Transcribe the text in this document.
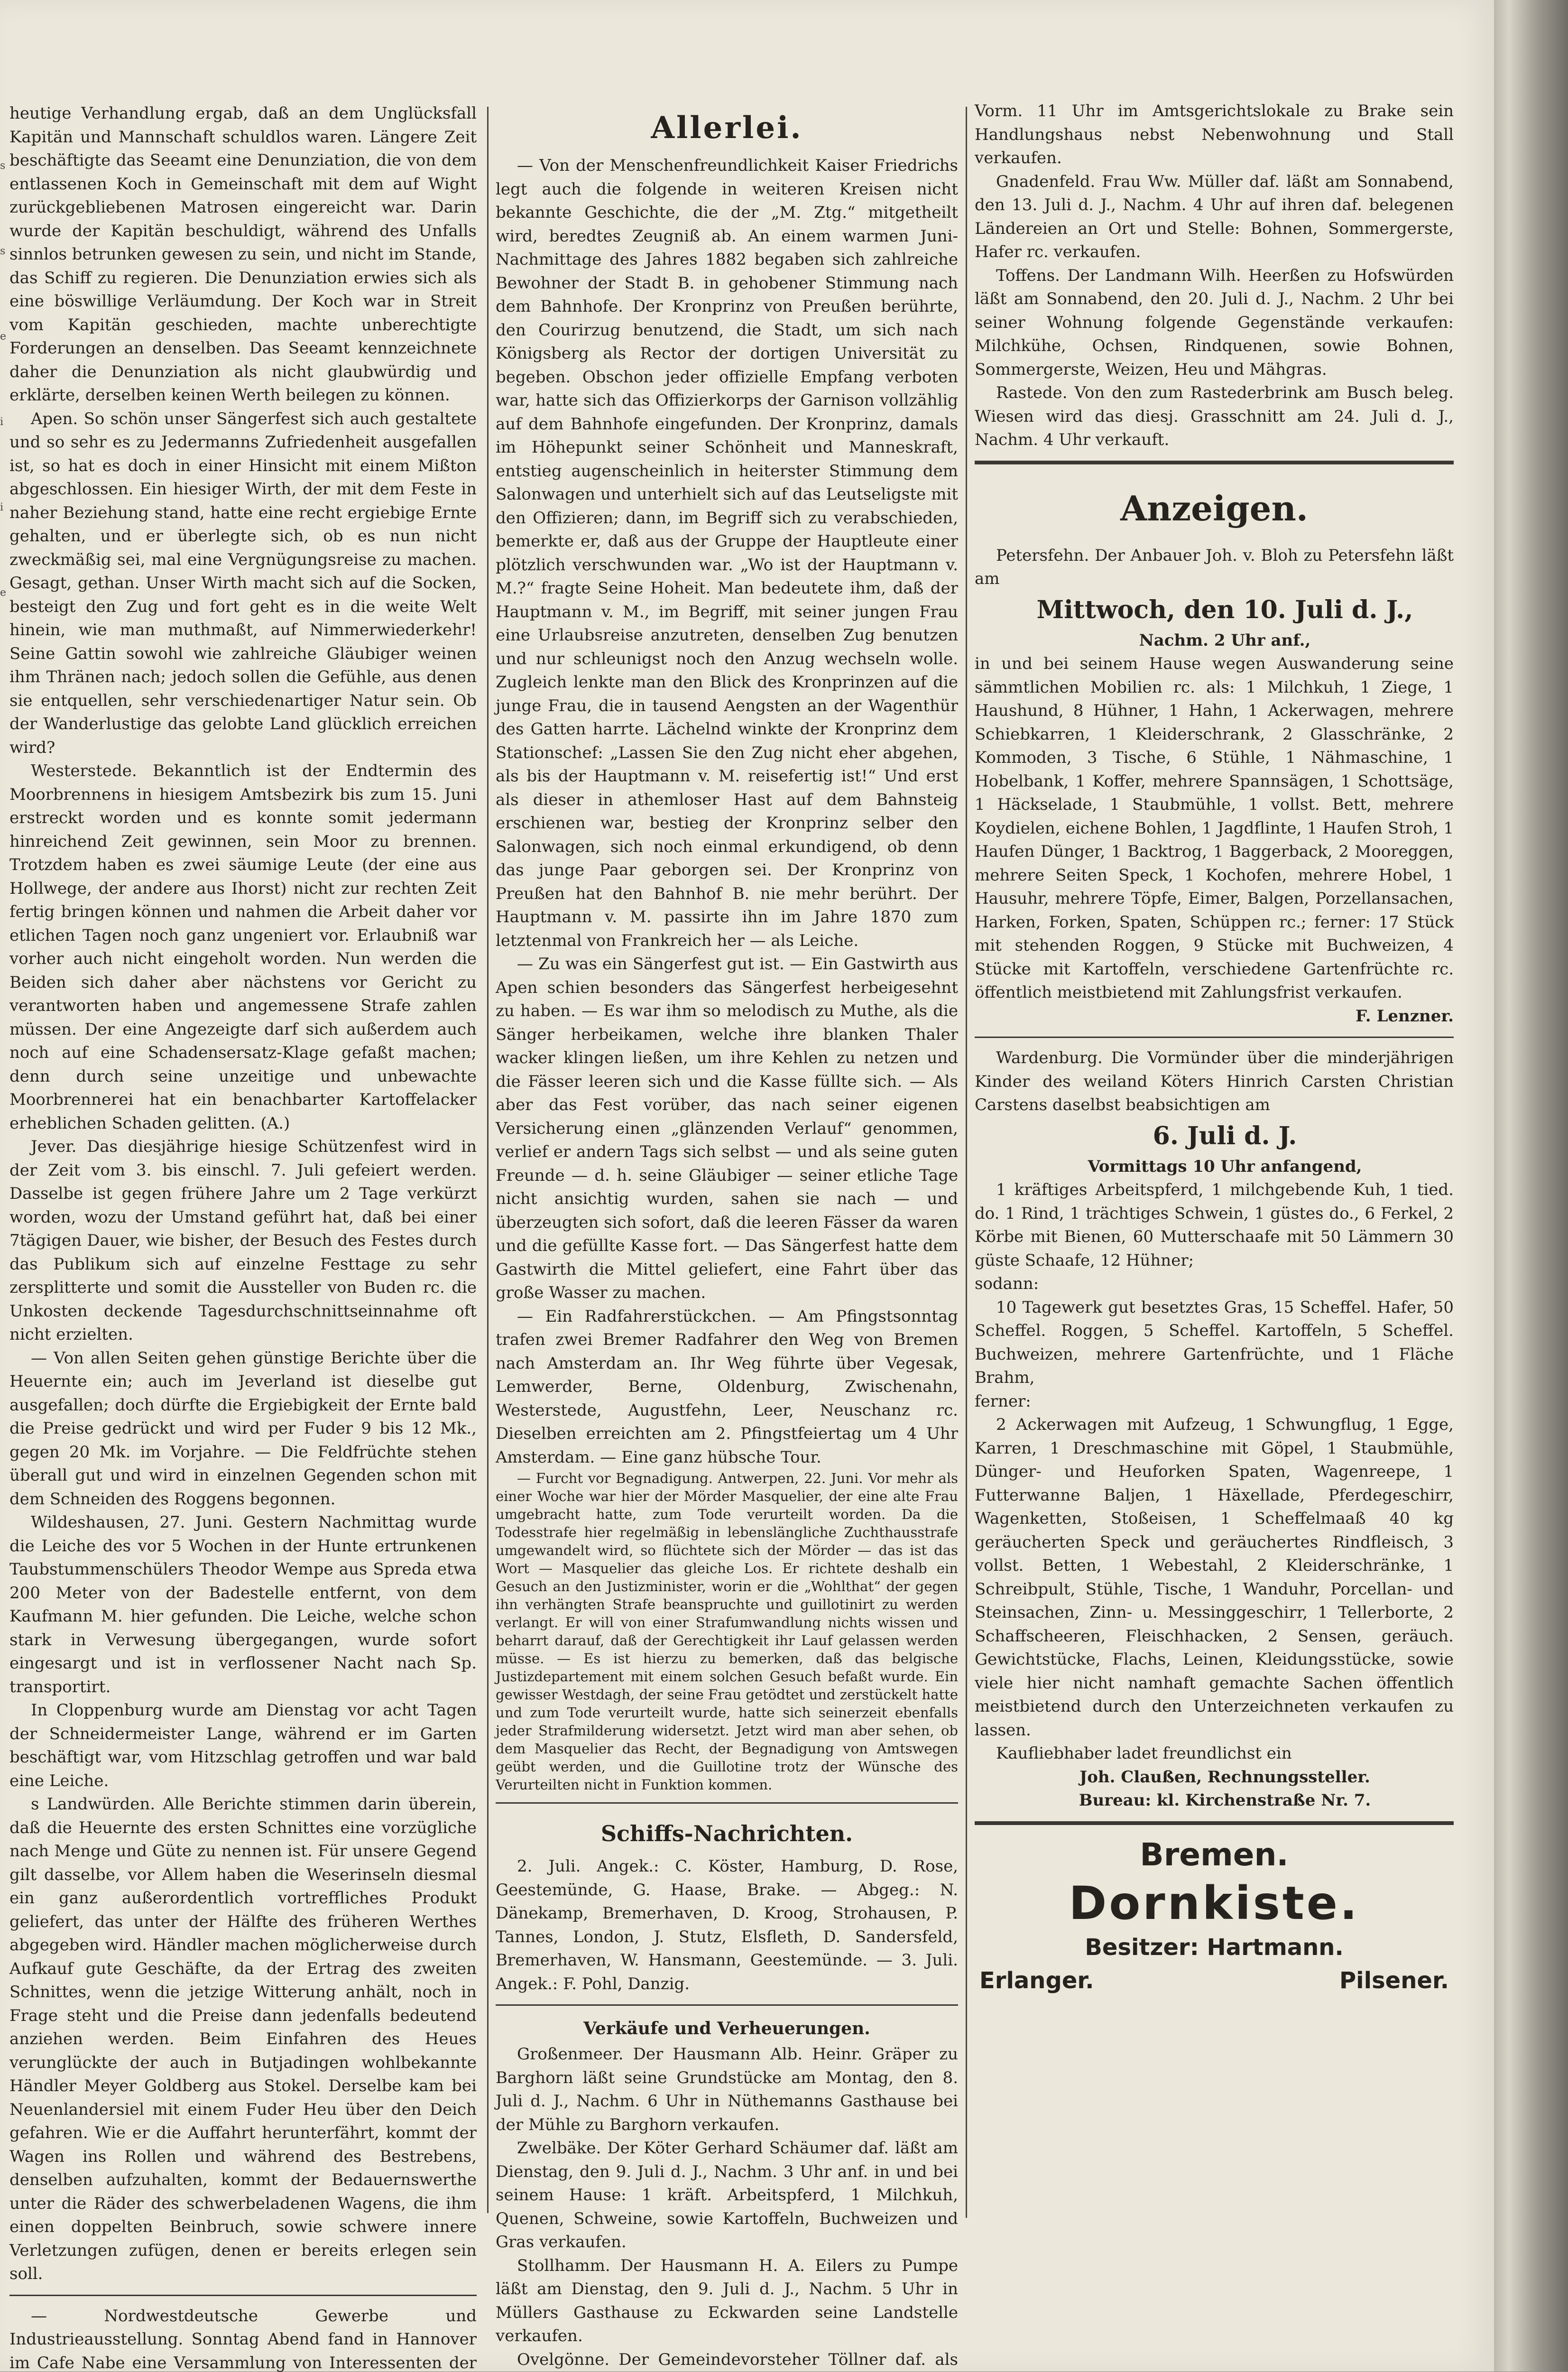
s
s
e
i
i
e

heutige Verhandlung ergab, daß an dem Unglücksfall Kapitän und Mannschaft schuldlos waren. Längere Zeit beschäftigte das Seeamt eine Denunziation, die von dem entlassenen Koch in Gemeinschaft mit dem auf Wight zurückgebliebenen Matrosen eingereicht war. Darin wurde der Kapitän beschuldigt, während des Unfalls sinnlos betrunken gewesen zu sein, und nicht im Stande, das Schiff zu regieren. Die Denunziation erwies sich als eine böswillige Verläumdung. Der Koch war in Streit vom Kapitän geschieden, machte unberechtigte Forderungen an denselben. Das Seeamt kennzeichnete daher die Denunziation als nicht glaubwürdig und erklärte, derselben keinen Werth beilegen zu können.

Apen. So schön unser Sängerfest sich auch gestaltete und so sehr es zu Jedermanns Zufriedenheit ausgefallen ist, so hat es doch in einer Hinsicht mit einem Mißton abgeschlossen. Ein hiesiger Wirth, der mit dem Feste in naher Beziehung stand, hatte eine recht ergiebige Ernte gehalten, und er überlegte sich, ob es nun nicht zweckmäßig sei, mal eine Vergnügungsreise zu machen. Gesagt, gethan. Unser Wirth macht sich auf die Socken, besteigt den Zug und fort geht es in die weite Welt hinein, wie man muthmaßt, auf Nimmerwiederkehr! Seine Gattin sowohl wie zahlreiche Gläubiger weinen ihm Thränen nach; jedoch sollen die Gefühle, aus denen sie entquellen, sehr verschiedenartiger Natur sein. Ob der Wanderlustige das gelobte Land glücklich erreichen wird?

Westerstede. Bekanntlich ist der Endtermin des Moorbrennens in hiesigem Amtsbezirk bis zum 15. Juni erstreckt worden und es konnte somit jedermann hinreichend Zeit gewinnen, sein Moor zu brennen. Trotzdem haben es zwei säumige Leute (der eine aus Hollwege, der andere aus Ihorst) nicht zur rechten Zeit fertig bringen können und nahmen die Arbeit daher vor etlichen Tagen noch ganz ungeniert vor. Erlaubniß war vorher auch nicht eingeholt worden. Nun werden die Beiden sich daher aber nächstens vor Gericht zu verantworten haben und angemessene Strafe zahlen müssen. Der eine Angezeigte darf sich außerdem auch noch auf eine Schadensersatz-Klage gefaßt machen; denn durch seine unzeitige und unbewachte Moorbrennerei hat ein benachbarter Kartoffelacker erheblichen Schaden gelitten. (A.)

Jever. Das diesjährige hiesige Schützenfest wird in der Zeit vom 3. bis einschl. 7. Juli gefeiert werden. Dasselbe ist gegen frühere Jahre um 2 Tage verkürzt worden, wozu der Umstand geführt hat, daß bei einer 7tägigen Dauer, wie bisher, der Besuch des Festes durch das Publikum sich auf einzelne Festtage zu sehr zersplitterte und somit die Aussteller von Buden rc. die Unkosten deckende Tagesdurchschnittseinnahme oft nicht erzielten.

— Von allen Seiten gehen günstige Berichte über die Heuernte ein; auch im Jeverland ist dieselbe gut ausgefallen; doch dürfte die Ergiebigkeit der Ernte bald die Preise gedrückt und wird per Fuder 9 bis 12 Mk., gegen 20 Mk. im Vorjahre. — Die Feldfrüchte stehen überall gut und wird in einzelnen Gegenden schon mit dem Schneiden des Roggens begonnen.

Wildeshausen, 27. Juni. Gestern Nachmittag wurde die Leiche des vor 5 Wochen in der Hunte ertrunkenen Taubstummenschülers Theodor Wempe aus Spreda etwa 200 Meter von der Badestelle entfernt, von dem Kaufmann M. hier gefunden. Die Leiche, welche schon stark in Verwesung übergegangen, wurde sofort eingesargt und ist in verflossener Nacht nach Sp. transportirt.

In Cloppenburg wurde am Dienstag vor acht Tagen der Schneidermeister Lange, während er im Garten beschäftigt war, vom Hitzschlag getroffen und war bald eine Leiche.

s Landwürden. Alle Berichte stimmen darin überein, daß die Heuernte des ersten Schnittes eine vorzügliche nach Menge und Güte zu nennen ist. Für unsere Gegend gilt dasselbe, vor Allem haben die Weserinseln diesmal ein ganz außerordentlich vortreffliches Produkt geliefert, das unter der Hälfte des früheren Werthes abgegeben wird. Händler machen möglicherweise durch Aufkauf gute Geschäfte, da der Ertrag des zweiten Schnittes, wenn die jetzige Witterung anhält, noch in Frage steht und die Preise dann jedenfalls bedeutend anziehen werden. Beim Einfahren des Heues verunglückte der auch in Butjadingen wohlbekannte Händler Meyer Goldberg aus Stokel. Derselbe kam bei Neuenlandersiel mit einem Fuder Heu über den Deich gefahren. Wie er die Auffahrt herunterfährt, kommt der Wagen ins Rollen und während des Bestrebens, denselben aufzuhalten, kommt der Bedauernswerthe unter die Räder des schwerbeladenen Wagens, die ihm einen doppelten Beinbruch, sowie schwere innere Verletzungen zufügen, denen er bereits erlegen sein soll.

— Nordwestdeutsche Gewerbe und Industrieausstellung. Sonntag Abend fand in Hannover im Cafe Nabe eine Versammlung von Interessenten der

Allerlei.

— Von der Menschenfreundlichkeit Kaiser Friedrichs legt auch die folgende in weiteren Kreisen nicht bekannte Geschichte, die der „M. Ztg.“ mitgetheilt wird, beredtes Zeugniß ab. An einem warmen Juni-Nachmittage des Jahres 1882 begaben sich zahlreiche Bewohner der Stadt B. in gehobener Stimmung nach dem Bahnhofe. Der Kronprinz von Preußen berührte, den Courirzug benutzend, die Stadt, um sich nach Königsberg als Rector der dortigen Universität zu begeben. Obschon jeder offizielle Empfang verboten war, hatte sich das Offizierkorps der Garnison vollzählig auf dem Bahnhofe eingefunden. Der Kronprinz, damals im Höhepunkt seiner Schönheit und Manneskraft, entstieg augenscheinlich in heiterster Stimmung dem Salonwagen und unterhielt sich auf das Leutseligste mit den Offizieren; dann, im Begriff sich zu verabschieden, bemerkte er, daß aus der Gruppe der Hauptleute einer plötzlich verschwunden war. „Wo ist der Hauptmann v. M.?“ fragte Seine Hoheit. Man bedeutete ihm, daß der Hauptmann v. M., im Begriff, mit seiner jungen Frau eine Urlaubsreise anzutreten, denselben Zug benutzen und nur schleunigst noch den Anzug wechseln wolle. Zugleich lenkte man den Blick des Kronprinzen auf die junge Frau, die in tausend Aengsten an der Wagenthür des Gatten harrte. Lächelnd winkte der Kronprinz dem Stationschef: „Lassen Sie den Zug nicht eher abgehen, als bis der Hauptmann v. M. reisefertig ist!“ Und erst als dieser in athemloser Hast auf dem Bahnsteig erschienen war, bestieg der Kronprinz selber den Salonwagen, sich noch einmal erkundigend, ob denn das junge Paar geborgen sei. Der Kronprinz von Preußen hat den Bahnhof B. nie mehr berührt. Der Hauptmann v. M. passirte ihn im Jahre 1870 zum letztenmal von Frankreich her — als Leiche.

— Zu was ein Sängerfest gut ist. — Ein Gastwirth aus Apen schien besonders das Sängerfest herbeigesehnt zu haben. — Es war ihm so melodisch zu Muthe, als die Sänger herbeikamen, welche ihre blanken Thaler wacker klingen ließen, um ihre Kehlen zu netzen und die Fässer leeren sich und die Kasse füllte sich. — Als aber das Fest vorüber, das nach seiner eigenen Versicherung einen „glänzenden Verlauf“ genommen, verlief er andern Tags sich selbst — und als seine guten Freunde — d. h. seine Gläubiger — seiner etliche Tage nicht ansichtig wurden, sahen sie nach — und überzeugten sich sofort, daß die leeren Fässer da waren und die gefüllte Kasse fort. — Das Sängerfest hatte dem Gastwirth die Mittel geliefert, eine Fahrt über das große Wasser zu machen.

— Ein Radfahrerstückchen. — Am Pfingstsonntag trafen zwei Bremer Radfahrer den Weg von Bremen nach Amsterdam an. Ihr Weg führte über Vegesak, Lemwerder, Berne, Oldenburg, Zwischenahn, Westerstede, Augustfehn, Leer, Neuschanz rc. Dieselben erreichten am 2. Pfingstfeiertag um 4 Uhr Amsterdam. — Eine ganz hübsche Tour.

— Furcht vor Begnadigung. Antwerpen, 22. Juni. Vor mehr als einer Woche war hier der Mörder Masquelier, der eine alte Frau umgebracht hatte, zum Tode verurteilt worden. Da die Todesstrafe hier regelmäßig in lebenslängliche Zuchthausstrafe umgewandelt wird, so flüchtete sich der Mörder — das ist das Wort — Masquelier das gleiche Los. Er richtete deshalb ein Gesuch an den Justizminister, worin er die „Wohlthat“ der gegen ihn verhängten Strafe beanspruchte und guillotinirt zu werden verlangt. Er will von einer Strafumwandlung nichts wissen und beharrt darauf, daß der Gerechtigkeit ihr Lauf gelassen werden müsse. — Es ist hierzu zu bemerken, daß das belgische Justizdepartement mit einem solchen Gesuch befaßt wurde. Ein gewisser Westdagh, der seine Frau getödtet und zerstückelt hatte und zum Tode verurteilt wurde, hatte sich seinerzeit ebenfalls jeder Strafmilderung widersetzt. Jetzt wird man aber sehen, ob dem Masquelier das Recht, der Begnadigung von Amtswegen geübt werden, und die Guillotine trotz der Wünsche des Verurteilten nicht in Funktion kommen.

Schiffs-Nachrichten.

2. Juli. Angek.: C. Köster, Hamburg, D. Rose, Geestemünde, G. Haase, Brake. — Abgeg.: N. Dänekamp, Bremerhaven, D. Kroog, Strohausen, P. Tannes, London, J. Stutz, Elsfleth, D. Sandersfeld, Bremerhaven, W. Hansmann, Geestemünde. — 3. Juli. Angek.: F. Pohl, Danzig.

Verkäufe und Verheuerungen.

Großenmeer. Der Hausmann Alb. Heinr. Gräper zu Barghorn läßt seine Grundstücke am Montag, den 8. Juli d. J., Nachm. 6 Uhr in Nüthemanns Gasthause bei der Mühle zu Barghorn verkaufen.

Zwelbäke. Der Köter Gerhard Schäumer daf. läßt am Dienstag, den 9. Juli d. J., Nachm. 3 Uhr anf. in und bei seinem Hause: 1 kräft. Arbeitspferd, 1 Milchkuh, Quenen, Schweine, sowie Kartoffeln, Buchweizen und Gras verkaufen.

Stollhamm. Der Hausmann H. A. Eilers zu Pumpe läßt am Dienstag, den 9. Juli d. J., Nachm. 5 Uhr in Müllers Gasthause zu Eckwarden seine Landstelle verkaufen.

Ovelgönne. Der Gemeindevorsteher Töllner daf. als

Vorm. 11 Uhr im Amtsgerichtslokale zu Brake sein Handlungshaus nebst Nebenwohnung und Stall verkaufen.

Gnadenfeld. Frau Ww. Müller daf. läßt am Sonnabend, den 13. Juli d. J., Nachm. 4 Uhr auf ihren daf. belegenen Ländereien an Ort und Stelle: Bohnen, Sommergerste, Hafer rc. verkaufen.

Toffens. Der Landmann Wilh. Heerßen zu Hofswürden läßt am Sonnabend, den 20. Juli d. J., Nachm. 2 Uhr bei seiner Wohnung folgende Gegenstände verkaufen: Milchkühe, Ochsen, Rindquenen, sowie Bohnen, Sommergerste, Weizen, Heu und Mähgras.

Rastede. Von den zum Rastederbrink am Busch beleg. Wiesen wird das diesj. Grasschnitt am 24. Juli d. J., Nachm. 4 Uhr verkauft.

Anzeigen.

Petersfehn. Der Anbauer Joh. v. Bloh zu Petersfehn läßt am

Mittwoch, den 10. Juli d. J.,

Nachm. 2 Uhr anf.,

in und bei seinem Hause wegen Auswanderung seine sämmtlichen Mobilien rc. als: 1 Milchkuh, 1 Ziege, 1 Haushund, 8 Hühner, 1 Hahn, 1 Ackerwagen, mehrere Schiebkarren, 1 Kleiderschrank, 2 Glasschränke, 2 Kommoden, 3 Tische, 6 Stühle, 1 Nähmaschine, 1 Hobelbank, 1 Koffer, mehrere Spannsägen, 1 Schottsäge, 1 Häckselade, 1 Staubmühle, 1 vollst. Bett, mehrere Koydielen, eichene Bohlen, 1 Jagdflinte, 1 Haufen Stroh, 1 Haufen Dünger, 1 Backtrog, 1 Baggerback, 2 Mooreggen, mehrere Seiten Speck, 1 Kochofen, mehrere Hobel, 1 Hausuhr, mehrere Töpfe, Eimer, Balgen, Porzellansachen, Harken, Forken, Spaten, Schüppen rc.; ferner: 17 Stück mit stehenden Roggen, 9 Stücke mit Buchweizen, 4 Stücke mit Kartoffeln, verschiedene Gartenfrüchte rc. öffentlich meistbietend mit Zahlungsfrist verkaufen.

F. Lenzner.

Wardenburg. Die Vormünder über die minderjährigen Kinder des weiland Köters Hinrich Carsten Christian Carstens daselbst beabsichtigen am

6. Juli d. J.

Vormittags 10 Uhr anfangend,

1 kräftiges Arbeitspferd, 1 milchgebende Kuh, 1 tied. do. 1 Rind, 1 trächtiges Schwein, 1 güstes do., 6 Ferkel, 2 Körbe mit Bienen, 60 Mutterschaafe mit 50 Lämmern 30 güste Schaafe, 12 Hühner;

sodann:

10 Tagewerk gut besetztes Gras, 15 Scheffel. Hafer, 50 Scheffel. Roggen, 5 Scheffel. Kartoffeln, 5 Scheffel. Buchweizen, mehrere Gartenfrüchte, und 1 Fläche Brahm,

ferner:

2 Ackerwagen mit Aufzeug, 1 Schwungflug, 1 Egge, Karren, 1 Dreschmaschine mit Göpel, 1 Staubmühle, Dünger- und Heuforken Spaten, Wagenreepe, 1 Futterwanne Baljen, 1 Häxellade, Pferdegeschirr, Wagenketten, Stoßeisen, 1 Scheffelmaaß 40 kg geräucherten Speck und geräuchertes Rindfleisch, 3 vollst. Betten, 1 Webestahl, 2 Kleiderschränke, 1 Schreibpult, Stühle, Tische, 1 Wanduhr, Porcellan- und Steinsachen, Zinn- u. Messinggeschirr, 1 Tellerborte, 2 Schaffscheeren, Fleischhacken, 2 Sensen, geräuch. Gewichtstücke, Flachs, Leinen, Kleidungsstücke, sowie viele hier nicht namhaft gemachte Sachen öffentlich meistbietend durch den Unterzeichneten verkaufen zu lassen.

Kaufliebhaber ladet freundlichst ein

Joh. Claußen, Rechnungssteller.

Bureau: kl. Kirchenstraße Nr. 7.

Bremen.
Dornkiste.
Besitzer: Hartmann.
Erlanger.	Pilsener.
